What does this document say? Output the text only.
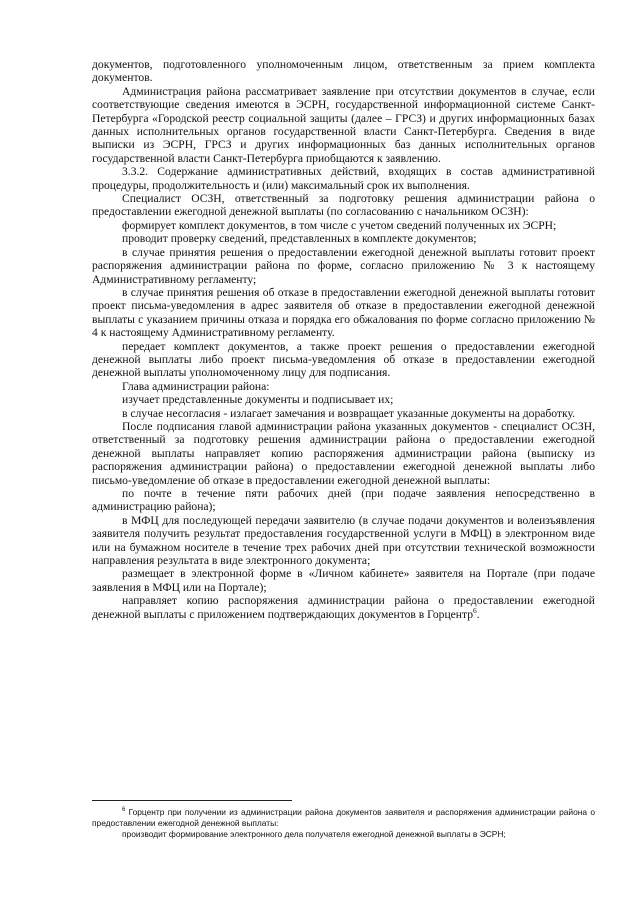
документов, подготовленного уполномоченным лицом, ответственным за прием комплекта документов.

Администрация района рассматривает заявление при отсутствии документов в случае, если соответствующие сведения имеются в ЭСРН, государственной информационной системе Санкт-Петербурга «Городской реестр социальной защиты (далее – ГРСЗ) и других информационных базах данных исполнительных органов государственной власти Санкт-Петербурга. Сведения в виде выписки из ЭСРН, ГРСЗ и других информационных баз данных исполнительных органов государственной власти Санкт-Петербурга приобщаются к заявлению.

3.3.2. Содержание административных действий, входящих в состав административной процедуры, продолжительность и (или) максимальный срок их выполнения.

Специалист ОСЗН, ответственный за подготовку решения администрации района о предоставлении ежегодной денежной выплаты (по согласованию с начальником ОСЗН):

формирует комплект документов, в том числе с учетом сведений полученных их ЭСРН;

проводит проверку сведений, представленных в комплекте документов;

в случае принятия решения о предоставлении ежегодной денежной выплаты готовит проект распоряжения администрации района по форме, согласно приложению № 3 к настоящему Административному регламенту;

в случае принятия решения об отказе в предоставлении ежегодной денежной выплаты готовит проект письма-уведомления в адрес заявителя об отказе в предоставлении ежегодной денежной выплаты с указанием причины отказа и порядка его обжалования по форме согласно приложению № 4 к настоящему Административному регламенту.

передает комплект документов, а также проект решения о предоставлении ежегодной денежной выплаты либо проект письма-уведомления об отказе в предоставлении ежегодной денежной выплаты уполномоченному лицу для подписания.

Глава администрации района:

изучает представленные документы и подписывает их;

в случае несогласия - излагает замечания и возвращает указанные документы на доработку.

После подписания главой администрации района указанных документов - специалист ОСЗН, ответственный за подготовку решения администрации района о предоставлении ежегодной денежной выплаты направляет копию распоряжения администрации района (выписку из распоряжения администрации района) о предоставлении ежегодной денежной выплаты либо письмо-уведомление об отказе в предоставлении ежегодной денежной выплаты:

по почте в течение пяти рабочих дней (при подаче заявления непосредственно в администрацию района);

в МФЦ для последующей передачи заявителю (в случае подачи документов и волеизъявления заявителя получить результат предоставления государственной услуги в МФЦ) в электронном виде или на бумажном носителе в течение трех рабочих дней при отсутствии технической возможности направления результата в виде электронного документа;

размещает в электронной форме в «Личном кабинете» заявителя на Портале (при подаче заявления в МФЦ или на Портале);

направляет копию распоряжения администрации района о предоставлении ежегодной денежной выплаты с приложением подтверждающих документов в Горцентр$^6$.

$^6$ Горцентр при получении из администрации района документов заявителя и распоряжения администрации района о предоставлении ежегодной денежной выплаты:

производит формирование электронного дела получателя ежегодной денежной выплаты в ЭСРН;
